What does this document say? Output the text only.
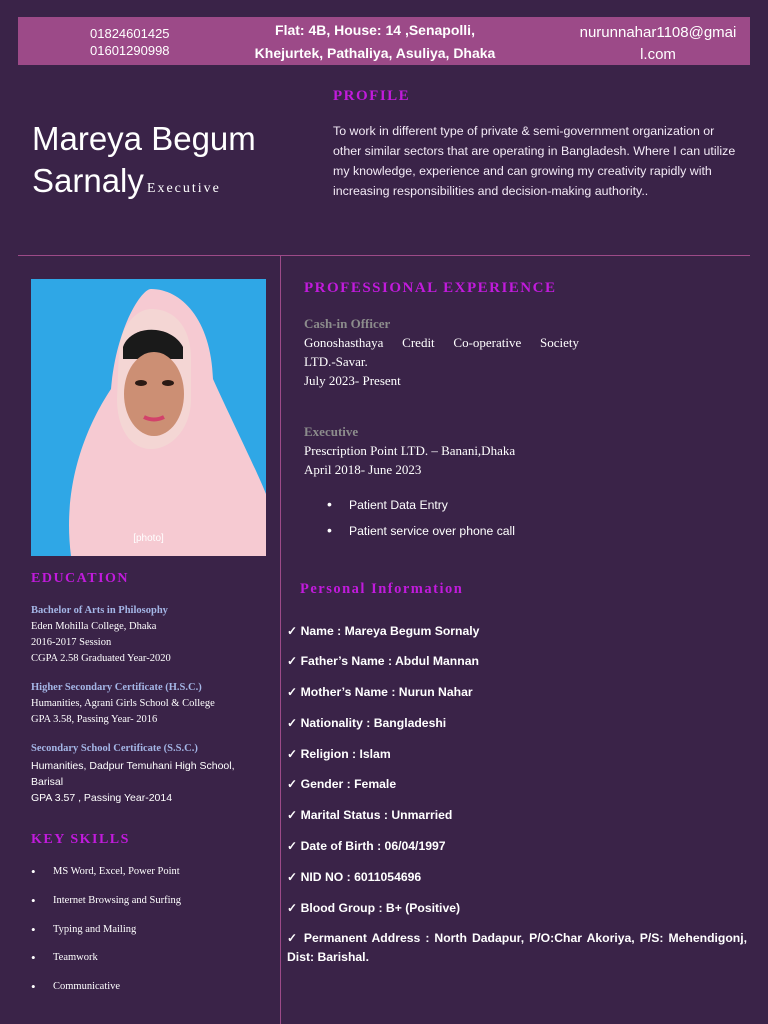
01824601425
01601290998
Flat: 4B, House: 14 ,Senapolli,
Khejurtek, Pathaliya, Asuliya, Dhaka
nurunnahar1108@gmail.com
Mareya Begum
Sarnaly Executive
PROFILE
To work in different type of private & semi-government organization or other similar sectors that are operating in Bangladesh. Where I can utilize my knowledge, experience and can growing my creativity rapidly with increasing responsibilities and decision-making authority..
[photo]
EDUCATION
Bachelor of Arts in Philosophy
Eden Mohilla College, Dhaka
2016-2017 Session
CGPA 2.58 Graduated Year-2020
Higher Secondary Certificate (H.S.C.)
Humanities, Agrani Girls School & College
GPA 3.58, Passing Year- 2016
Secondary School Certificate (S.S.C.)
Humanities, Dadpur Temuhani High School, Barisal
GPA 3.57 , Passing Year-2014
KEY SKILLS
• MS Word, Excel, Power Point
• Internet Browsing and Surfing
• Typing and Mailing
• Teamwork
• Communicative
PROFESSIONAL EXPERIENCE
Cash-in Officer
Gonoshasthaya Credit Co-operative Society
LTD.-Savar.
July 2023- Present
Executive
Prescription Point LTD. – Banani,Dhaka
April 2018- June 2023
• Patient Data Entry
• Patient service over phone call
Personal Information
✓ Name : Mareya Begum Sornaly
✓ Father’s Name : Abdul Mannan
✓ Mother’s Name : Nurun Nahar
✓ Nationality : Bangladeshi
✓ Religion : Islam
✓ Gender : Female
✓ Marital Status : Unmarried
✓ Date of Birth : 06/04/1997
✓ NID NO : 6011054696
✓ Blood Group : B+ (Positive)
✓ Permanent Address : North Dadapur, P/O:Char Akoriya, P/S: Mehendigonj, Dist: Barishal.
